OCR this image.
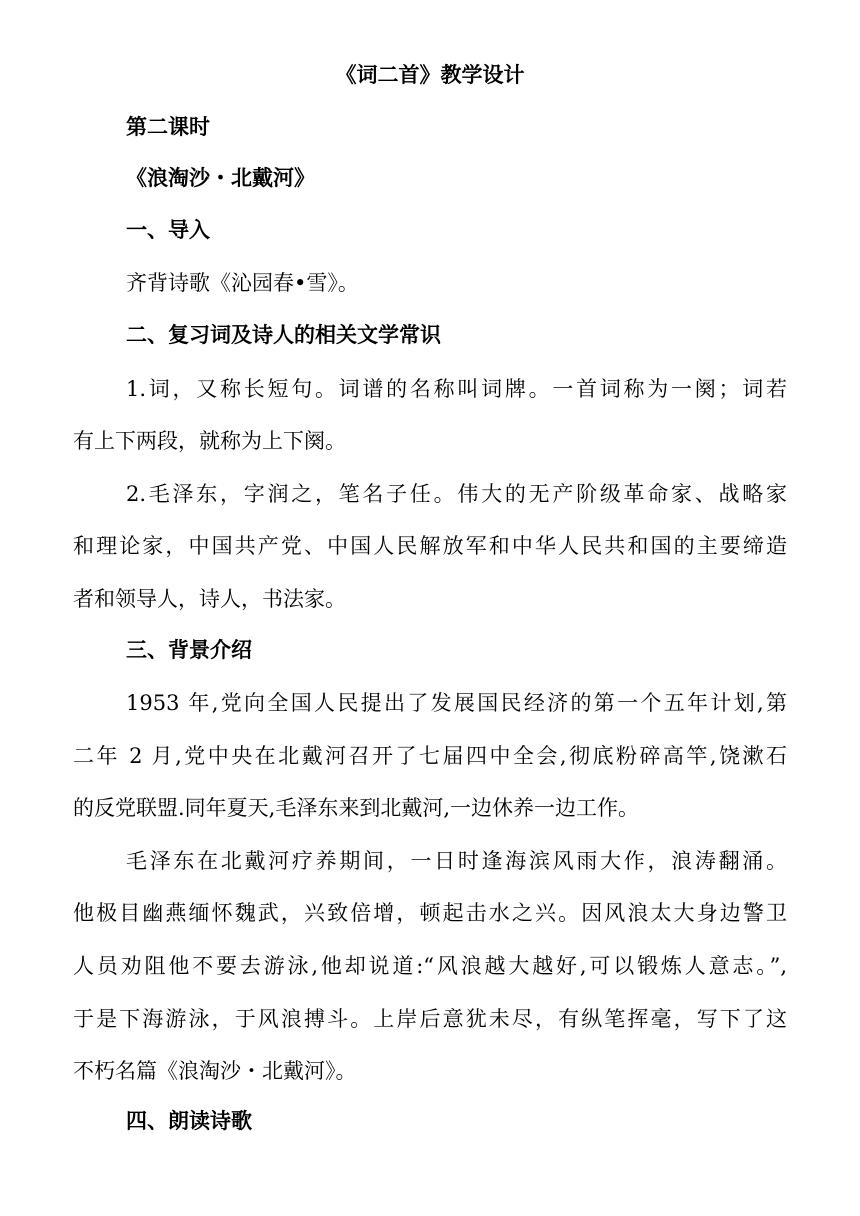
《词二首》教学设计
第二课时
《浪淘沙・北戴河》
一、导入
齐背诗歌《沁园春•雪》。
二、复习词及诗人的相关文学常识
1.词，又称长短句。词谱的名称叫词牌。一首词称为一阕；词若
有上下两段，就称为上下阕。
2.毛泽东，字润之，笔名子任。伟大的无产阶级革命家、战略家
和理论家，中国共产党、中国人民解放军和中华人民共和国的主要缔造
者和领导人，诗人，书法家。
三、背景介绍
1953 年,党向全国人民提出了发展国民经济的第一个五年计划,第
二年 2 月,党中央在北戴河召开了七届四中全会,彻底粉碎高竿,饶漱石
的反党联盟.同年夏天,毛泽东来到北戴河,一边休养一边工作。
毛泽东在北戴河疗养期间，一日时逢海滨风雨大作，浪涛翻涌。
他极目幽燕缅怀魏武，兴致倍增，顿起击水之兴。因风浪太大身边警卫
人员劝阻他不要去游泳,他却说道:“风浪越大越好,可以锻炼人意志。”,
于是下海游泳，于风浪搏斗。上岸后意犹未尽，有纵笔挥毫，写下了这
不朽名篇《浪淘沙・北戴河》。
四、朗读诗歌
